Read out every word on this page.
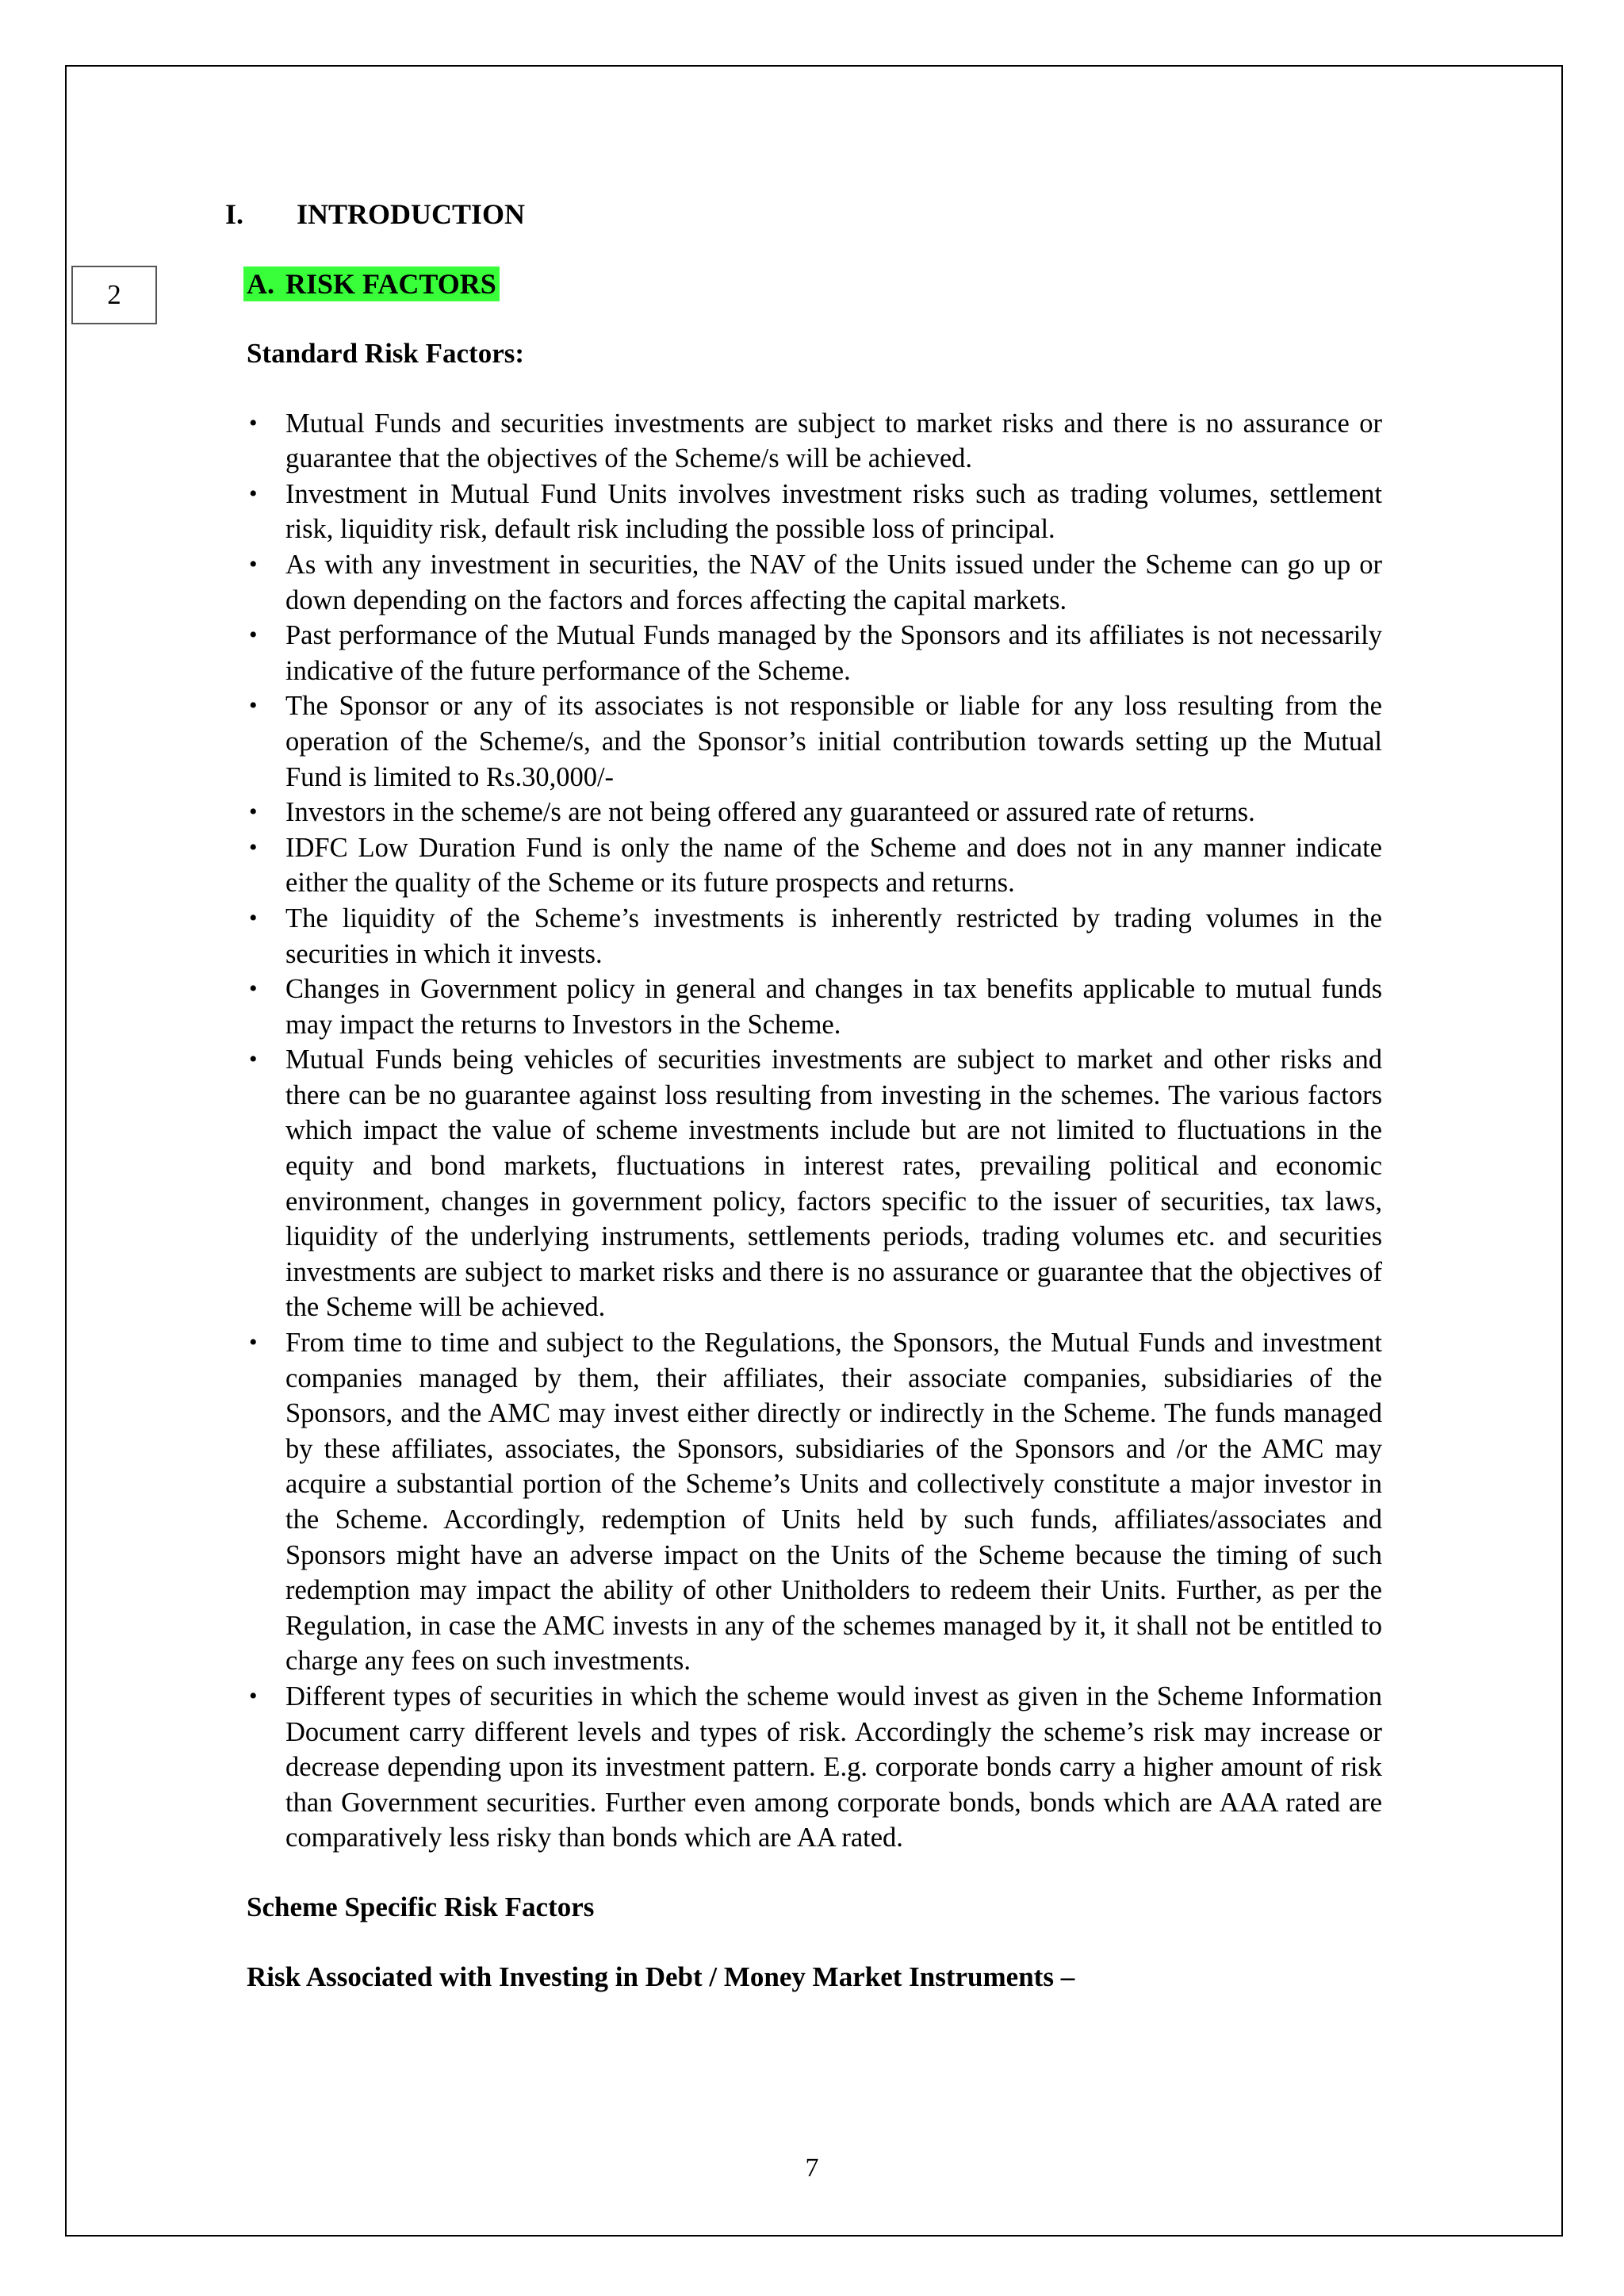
2
I. INTRODUCTION
A. RISK FACTORS
Standard Risk Factors:
• Mutual Funds and securities investments are subject to market risks and there is no assurance or guarantee that the objectives of the Scheme/s will be achieved.
• Investment in Mutual Fund Units involves investment risks such as trading volumes, settlement risk, liquidity risk, default risk including the possible loss of principal.
• As with any investment in securities, the NAV of the Units issued under the Scheme can go up or down depending on the factors and forces affecting the capital markets.
• Past performance of the Mutual Funds managed by the Sponsors and its affiliates is not necessarily indicative of the future performance of the Scheme.
• The Sponsor or any of its associates is not responsible or liable for any loss resulting from the operation of the Scheme/s, and the Sponsor’s initial contribution towards setting up the Mutual Fund is limited to Rs.30,000/-
• Investors in the scheme/s are not being offered any guaranteed or assured rate of returns.
• IDFC Low Duration Fund is only the name of the Scheme and does not in any manner indicate either the quality of the Scheme or its future prospects and returns.
• The liquidity of the Scheme’s investments is inherently restricted by trading volumes in the securities in which it invests.
• Changes in Government policy in general and changes in tax benefits applicable to mutual funds may impact the returns to Investors in the Scheme.
• Mutual Funds being vehicles of securities investments are subject to market and other risks and there can be no guarantee against loss resulting from investing in the schemes. The various factors which impact the value of scheme investments include but are not limited to fluctuations in the equity and bond markets, fluctuations in interest rates, prevailing political and economic environment, changes in government policy, factors specific to the issuer of securities, tax laws, liquidity of the underlying instruments, settlements periods, trading volumes etc. and securities investments are subject to market risks and there is no assurance or guarantee that the objectives of the Scheme will be achieved.
• From time to time and subject to the Regulations, the Sponsors, the Mutual Funds and investment companies managed by them, their affiliates, their associate companies, subsidiaries of the Sponsors, and the AMC may invest either directly or indirectly in the Scheme. The funds managed by these affiliates, associates, the Sponsors, subsidiaries of the Sponsors and /or the AMC may acquire a substantial portion of the Scheme’s Units and collectively constitute a major investor in the Scheme. Accordingly, redemption of Units held by such funds, affiliates/associates and Sponsors might have an adverse impact on the Units of the Scheme because the timing of such redemption may impact the ability of other Unitholders to redeem their Units. Further, as per the Regulation, in case the AMC invests in any of the schemes managed by it, it shall not be entitled to charge any fees on such investments.
• Different types of securities in which the scheme would invest as given in the Scheme Information Document carry different levels and types of risk. Accordingly the scheme’s risk may increase or decrease depending upon its investment pattern. E.g. corporate bonds carry a higher amount of risk than Government securities. Further even among corporate bonds, bonds which are AAA rated are comparatively less risky than bonds which are AA rated.
Scheme Specific Risk Factors
Risk Associated with Investing in Debt / Money Market Instruments –
7
